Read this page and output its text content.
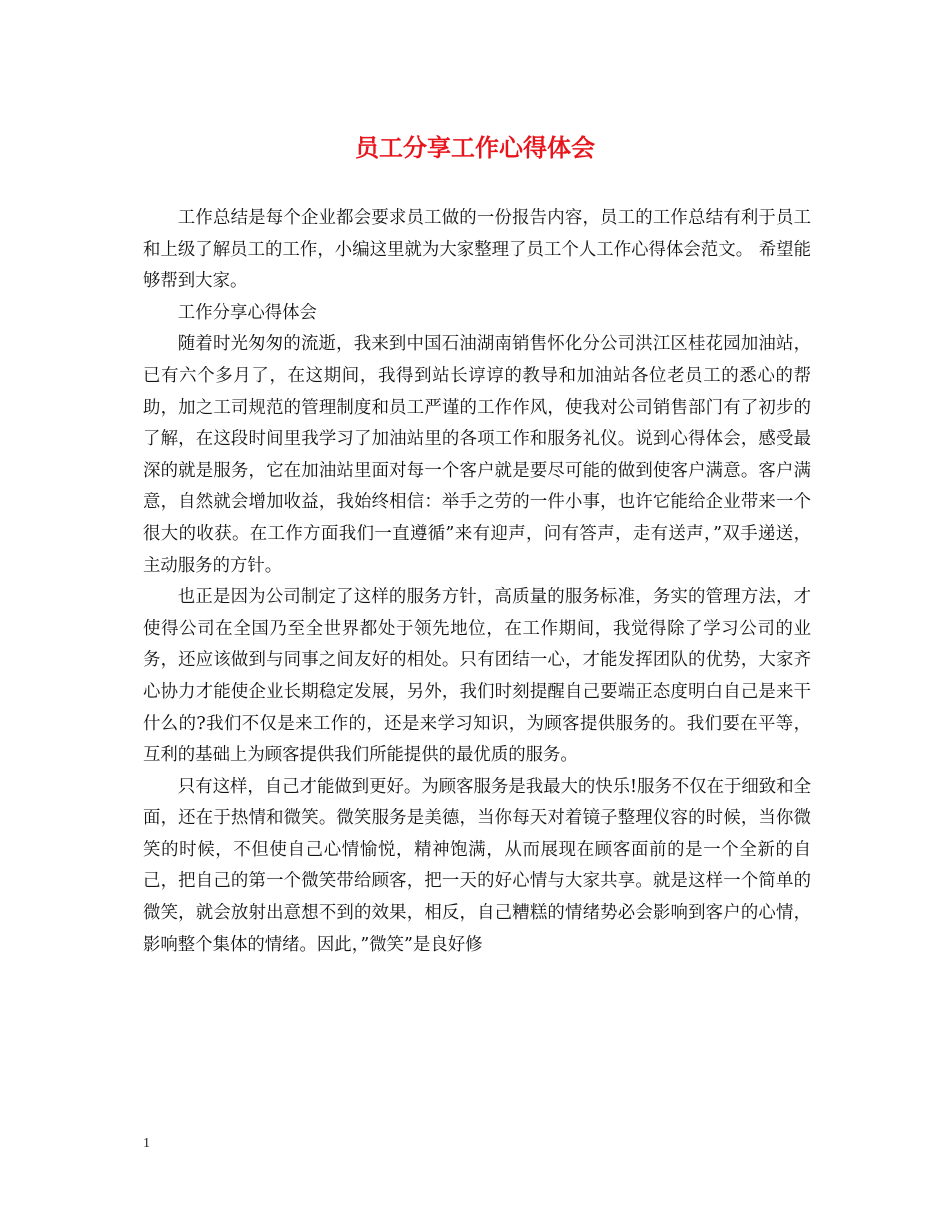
员工分享工作心得体会

工作总结是每个企业都会要求员工做的一份报告内容，员工的工作总结有利于员工和上级了解员工的工作，小编这里就为大家整理了员工个人工作心得体会范文。 希望能够帮到大家。

工作分享心得体会

随着时光匆匆的流逝，我来到中国石油湖南销售怀化分公司洪江区桂花园加油站，已有六个多月了，在这期间，我得到站长谆谆的教导和加油站各位老员工的悉心的帮助，加之工司规范的管理制度和员工严谨的工作作风，使我对公司销售部门有了初步的了解，在这段时间里我学习了加油站里的各项工作和服务礼仪。说到心得体会，感受最深的就是服务，它在加油站里面对每一个客户就是要尽可能的做到使客户满意。客户满意，自然就会增加收益，我始终相信：举手之劳的一件小事，也许它能给企业带来一个很大的收获。在工作方面我们一直遵循”来有迎声，问有答声，走有送声，”双手递送，主动服务的方针。

也正是因为公司制定了这样的服务方针，高质量的服务标准，务实的管理方法，才使得公司在全国乃至全世界都处于领先地位，在工作期间，我觉得除了学习公司的业务，还应该做到与同事之间友好的相处。只有团结一心，才能发挥团队的优势，大家齐心协力才能使企业长期稳定发展，另外，我们时刻提醒自己要端正态度明白自己是来干什么的?我们不仅是来工作的，还是来学习知识，为顾客提供服务的。我们要在平等，互利的基础上为顾客提供我们所能提供的最优质的服务。

只有这样，自己才能做到更好。为顾客服务是我最大的快乐!服务不仅在于细致和全面，还在于热情和微笑。微笑服务是美德，当你每天对着镜子整理仪容的时候，当你微笑的时候，不但使自己心情愉悦，精神饱满，从而展现在顾客面前的是一个全新的自己，把自己的第一个微笑带给顾客，把一天的好心情与大家共享。就是这样一个简单的微笑，就会放射出意想不到的效果，相反，自己糟糕的情绪势必会影响到客户的心情，影响整个集体的情绪。因此，”微笑”是良好修

1
